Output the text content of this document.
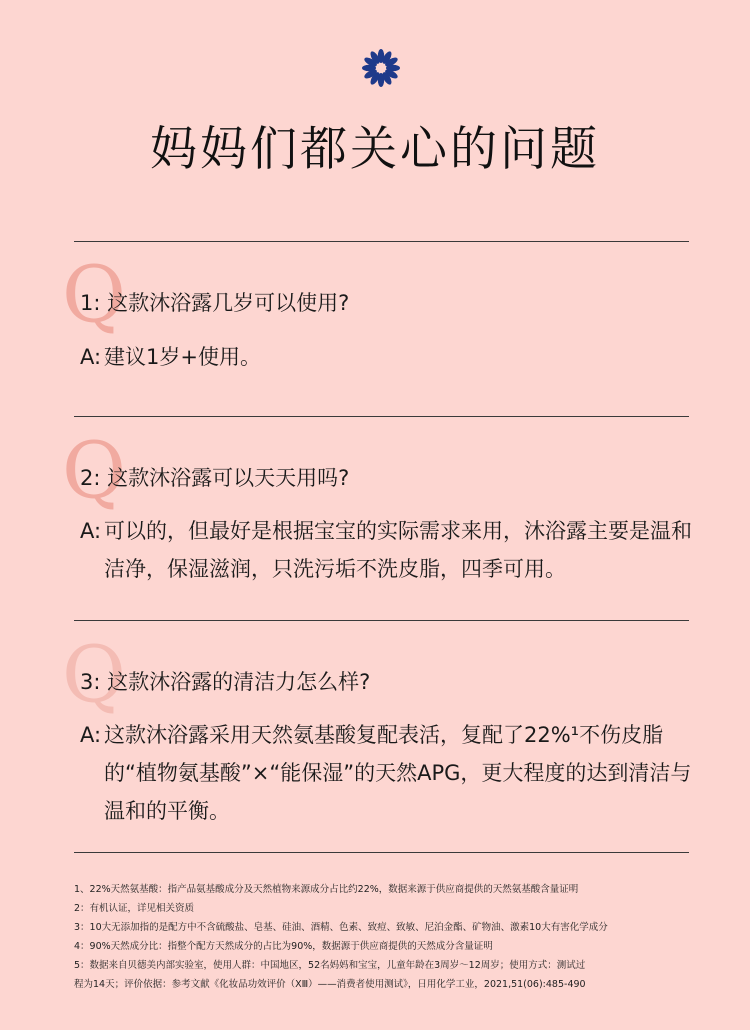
妈妈们都关心的问题
Q
1: 这款沐浴露几岁可以使用?
A: 建议1岁+使用。
Q
2: 这款沐浴露可以天天用吗?
A: 可以的，但最好是根据宝宝的实际需求来用，沐浴露主要是温和洁净，保湿滋润，只洗污垢不洗皮脂，四季可用。
Q
3: 这款沐浴露的清洁力怎么样?
A: 这款沐浴露采用天然氨基酸复配表活，复配了22%¹不伤皮脂的“植物氨基酸”×“能保湿”的天然APG，更大程度的达到清洁与温和的平衡。
1、22%天然氨基酸：指产品氨基酸成分及天然植物来源成分占比约22%，数据来源于供应商提供的天然氨基酸含量证明
2：有机认证，详见相关资质
3：10大无添加指的是配方中不含硫酸盐、皂基、硅油、酒精、色素、致痘、致敏、尼泊金酯、矿物油、激素10大有害化学成分
4：90%天然成分比：指整个配方天然成分的占比为90%，数据源于供应商提供的天然成分含量证明
5：数据来自贝德美内部实验室，使用人群：中国地区，52名妈妈和宝宝，儿童年龄在3周岁～12周岁；使用方式：测试过
程为14天；评价依据：参考文献《化妆品功效评价（ⅩⅢ）——消费者使用测试》，日用化学工业，2021,51(06):485-490
